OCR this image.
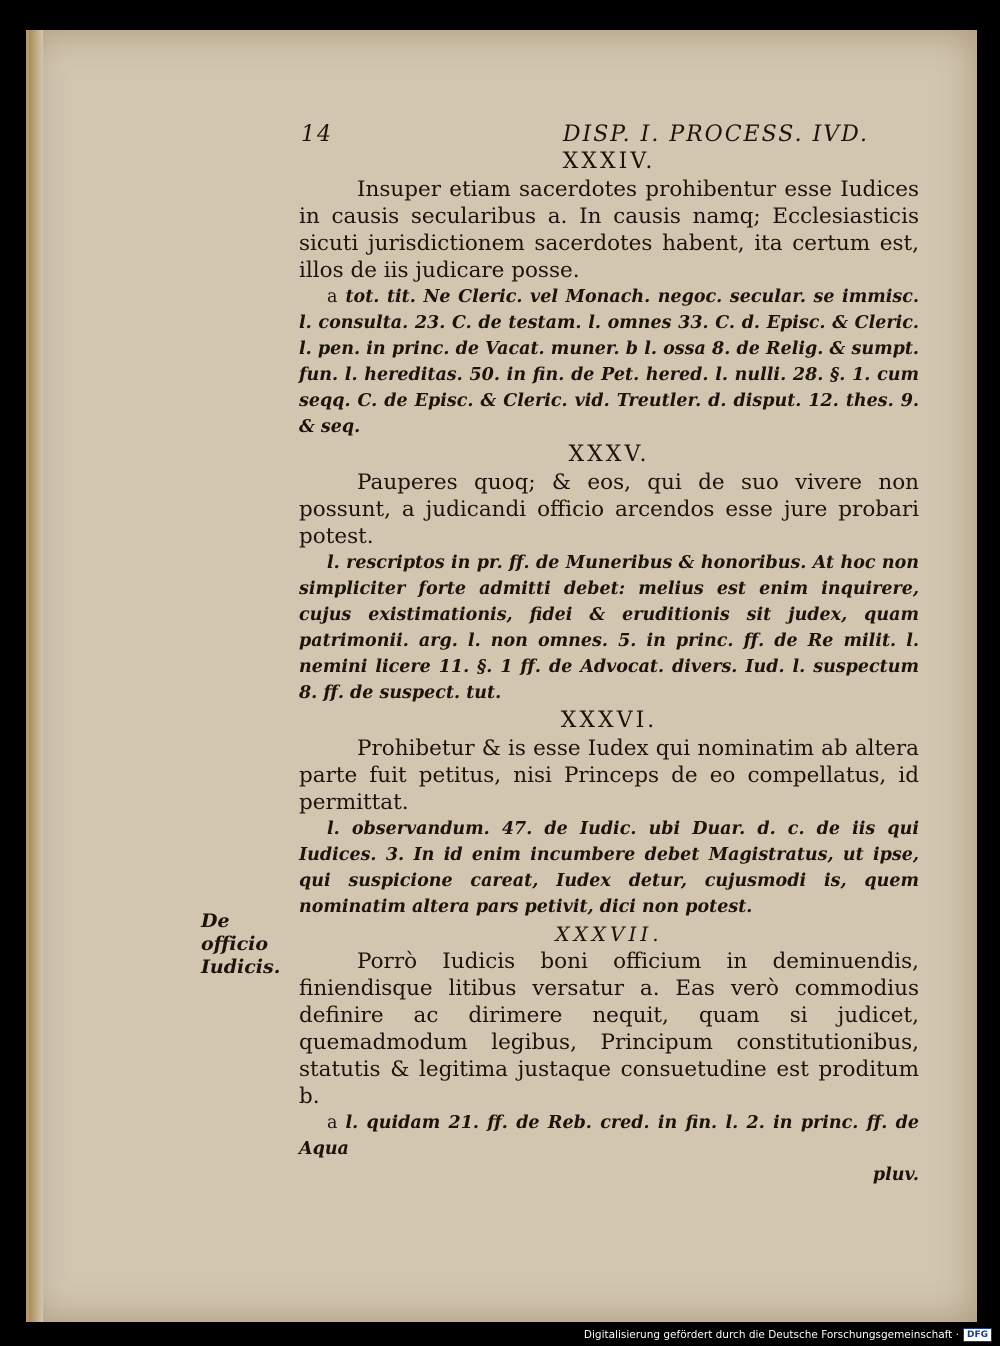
De officio Iudicis.
14	DISP. I. PROCESS. IVD.
XXXIV.

Insuper etiam sacerdotes prohibentur esse Iudices in causis secularibus a. In causis namq; Ecclesiasticis sicuti jurisdictionem sacerdotes habent, ita certum est, illos de iis judicare posse.

a tot. tit. Ne Cleric. vel Monach. negoc. secular. se immisc. l. consulta. 23. C. de testam. l. omnes 33. C. d. Episc. & Cleric. l. pen. in princ. de Vacat. muner. b l. ossa 8. de Relig. & sumpt. fun. l. hereditas. 50. in fin. de Pet. hered. l. nulli. 28. §. 1. cum seqq. C. de Episc. & Cleric. vid. Treutler. d. disput. 12. thes. 9. & seq.

XXXV.

Pauperes quoq; & eos, qui de suo vivere non possunt, a judicandi officio arcendos esse jure probari potest.

l. rescriptos in pr. ff. de Muneribus & honoribus. At hoc non simpliciter forte admitti debet: melius est enim inquirere, cujus existimationis, fidei & eruditionis sit judex, quam patrimonii. arg. l. non omnes. 5. in princ. ff. de Re milit. l. nemini licere 11. §. 1 ff. de Advocat. divers. Iud. l. suspectum 8. ff. de suspect. tut.

XXXVI.

Prohibetur & is esse Iudex qui nominatim ab altera parte fuit petitus, nisi Princeps de eo compellatus, id permittat.

l. observandum. 47. de Iudic. ubi Duar. d. c. de iis qui Iudices. 3. In id enim incumbere debet Magistratus, ut ipse, qui suspicione careat, Iudex detur, cujusmodi is, quem nominatim altera pars petivit, dici non potest.

XXXVII.

Porrò Iudicis boni officium in deminuendis, finiendisque litibus versatur a. Eas verò commodius definire ac dirimere nequit, quam si judicet, quemadmodum legibus, Principum constitutionibus, statutis & legitima justaque consuetudine est proditum b.

a l. quidam 21. ff. de Reb. cred. in fin. l. 2. in princ. ff. de Aqua
pluv.

Digitalisierung gefördert durch die Deutsche Forschungsgemeinschaft · DFG
